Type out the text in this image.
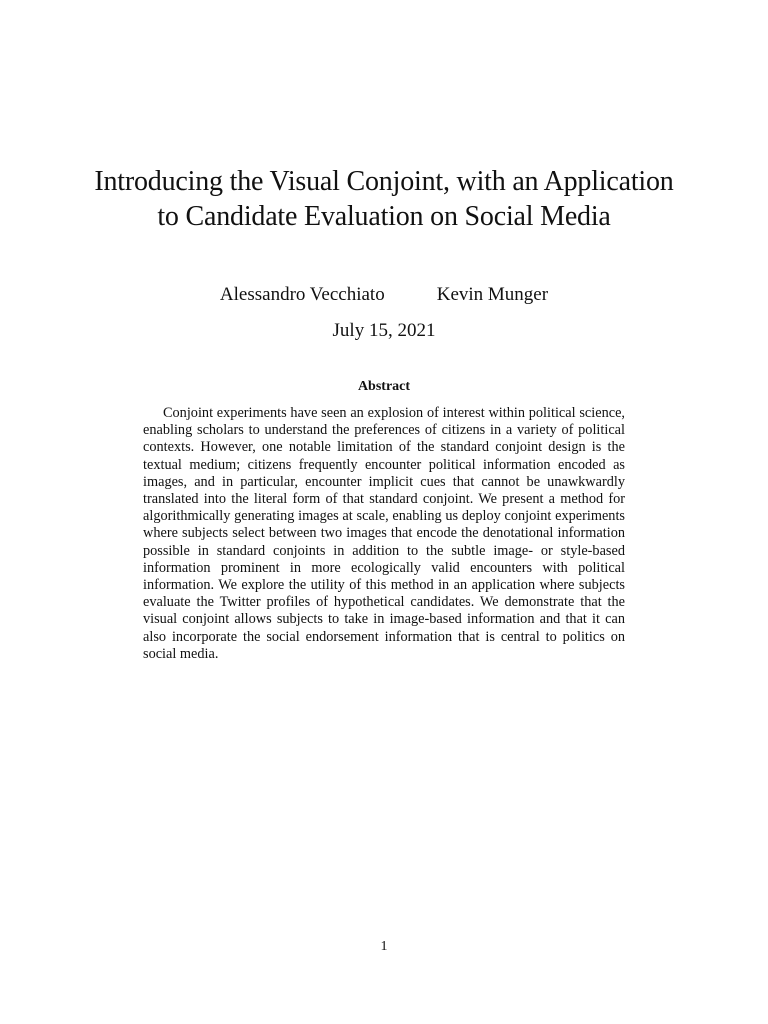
Introducing the Visual Conjoint, with an Application to Candidate Evaluation on Social Media
Alessandro Vecchiato	Kevin Munger
July 15, 2021
Abstract

Conjoint experiments have seen an explosion of interest within political science, enabling scholars to understand the preferences of citizens in a variety of political contexts. However, one notable limitation of the standard conjoint design is the textual medium; citizens frequently encounter political information encoded as images, and in particular, encounter implicit cues that cannot be unawkwardly translated into the literal form of that standard conjoint. We present a method for algorithmically generating images at scale, enabling us deploy conjoint experiments where subjects select between two images that encode the denotational information possible in standard conjoints in addition to the subtle image- or style-based information prominent in more ecologically valid encounters with political information. We explore the utility of this method in an application where subjects evaluate the Twitter profiles of hypothetical candidates. We demonstrate that the visual conjoint allows subjects to take in image-based information and that it can also incorporate the social endorsement information that is central to politics on social media.

1
